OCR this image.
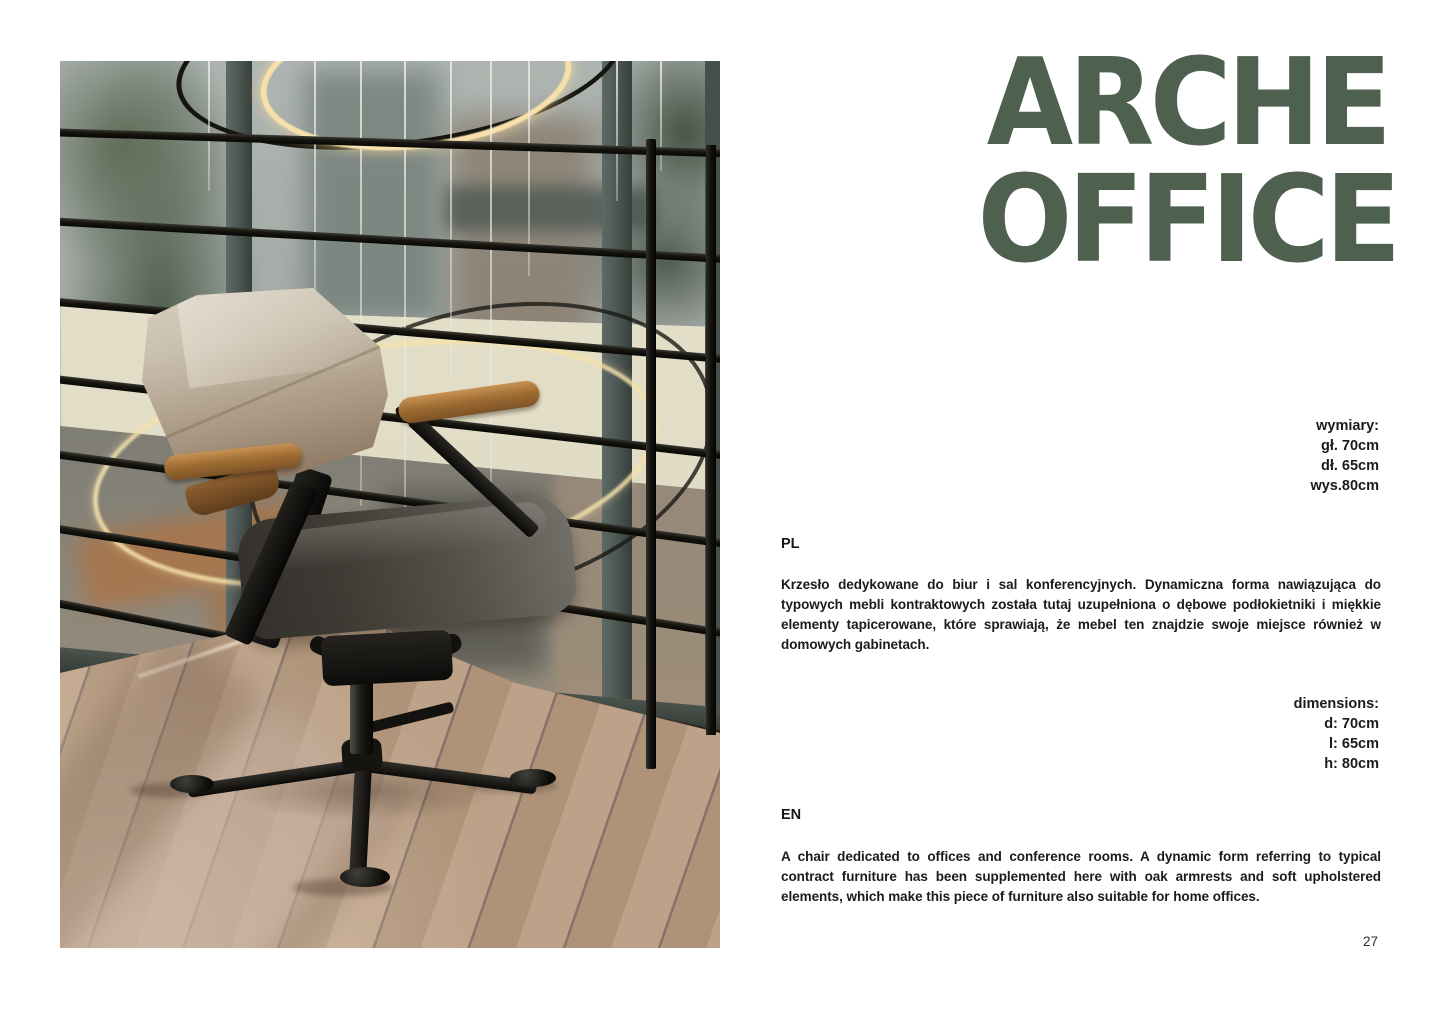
ARCHE
OFFICE
wymiary:
gł. 70cm
dł. 65cm
wys.80cm
PL

Krzesło dedykowane do biur i sal konferencyjnych. Dynamiczna forma nawiązująca do typowych mebli kontraktowych została tutaj uzupełniona o dębowe podłokietniki i miękkie elementy tapicerowane, które sprawiają, że mebel ten znajdzie swoje miejsce również w domowych gabinetach.

dimensions:
d: 70cm
l: 65cm
h: 80cm
EN

A chair dedicated to offices and conference rooms. A dynamic form referring to typical contract furniture has been supplemented here with oak armrests and soft upholstered elements, which make this piece of furniture also suitable for home offices.

27
